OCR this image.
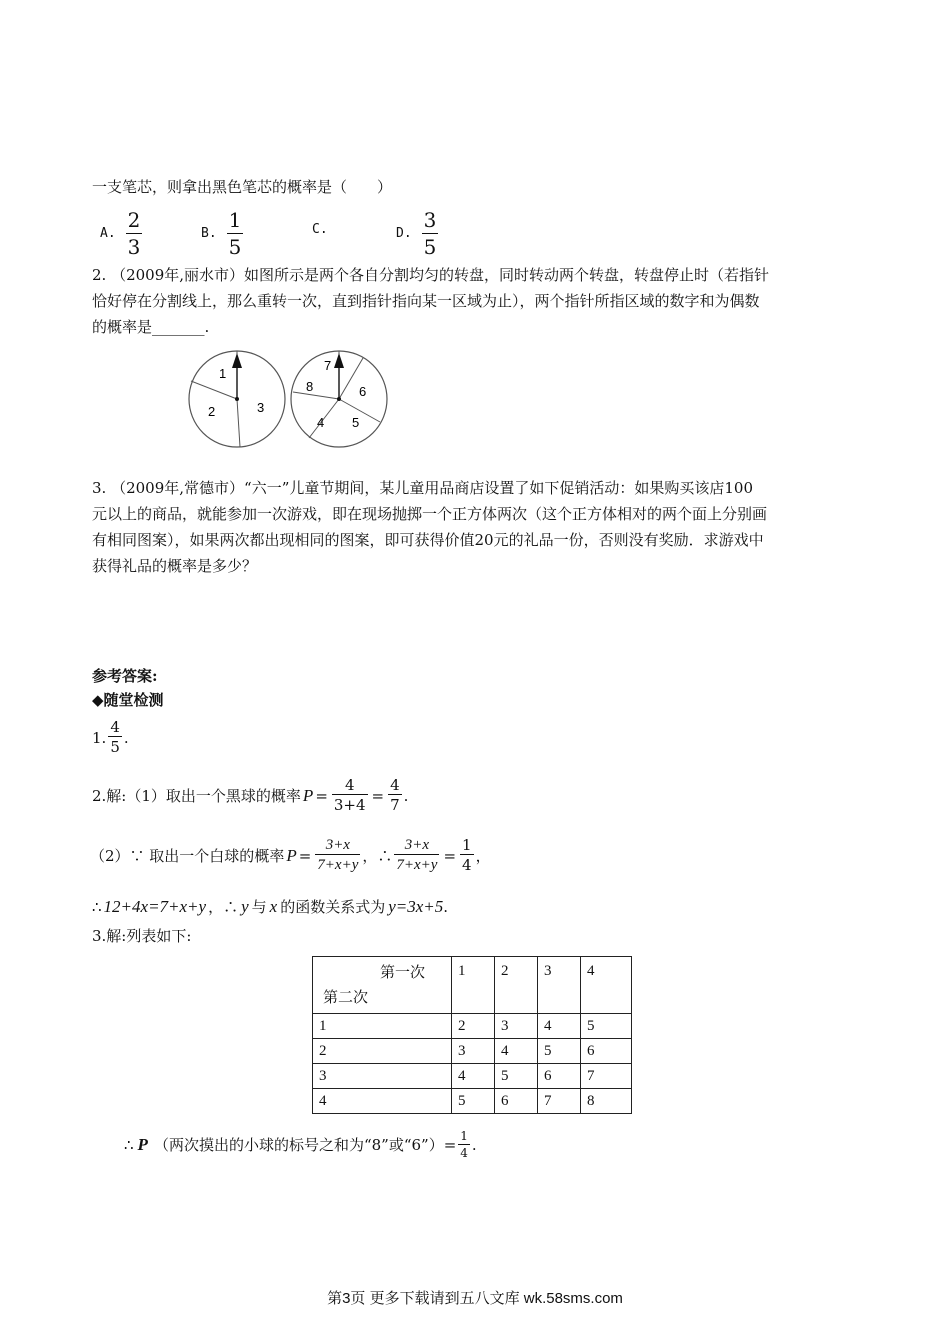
一支笔芯，则拿出黑色笔芯的概率是（　　）
A. $\frac{2}{3}$	B. $\frac{1}{5}$	C.	D. $\frac{3}{5}$
2. （2009年,丽水市）如图所示是两个各自分割均匀的转盘，同时转动两个转盘，转盘停止时（若指针
恰好停在分割线上，那么重转一次，直到指针指向某一区域为止），两个指针所指区域的数字和为偶数
的概率是_______.
1
2	3
7
8	6
4 5
3. （2009年,常德市）“六一”儿童节期间，某儿童用品商店设置了如下促销活动：如果购买该店100
元以上的商品，就能参加一次游戏，即在现场抛掷一个正方体两次（这个正方体相对的两个面上分别画
有相同图案），如果两次都出现相同的图案，即可获得价值20元的礼品一份，否则没有奖励．求游戏中
获得礼品的概率是多少？
参考答案:
◆随堂检测
1. $\frac{4}{5}$ .
2.解:（1）取出一个黑球的概率 $P = \frac{4}{3+4} = \frac{4}{7}$ .
（2）∵ 取出一个白球的概率 $P = \frac{3+x}{7+x+y}$ ，∴ $\frac{3+x}{7+x+y} = \frac{1}{4}$ ，
∴ 12+4x=7+x+y ，∴ y 与 x 的函数关系式为 y=3x+5 .
3.解:列表如下:
第一次
第二次	1	2	3	4
1	2	3	4	5
2	3	4	5	6
3	4	5	6	7
4	5	6	7	8
∴ P （两次摸出的小球的标号之和为“8”或“6”）= $\frac{1}{4}$ .
第3页 更多下载请到五八文库 wk.58sms.com
